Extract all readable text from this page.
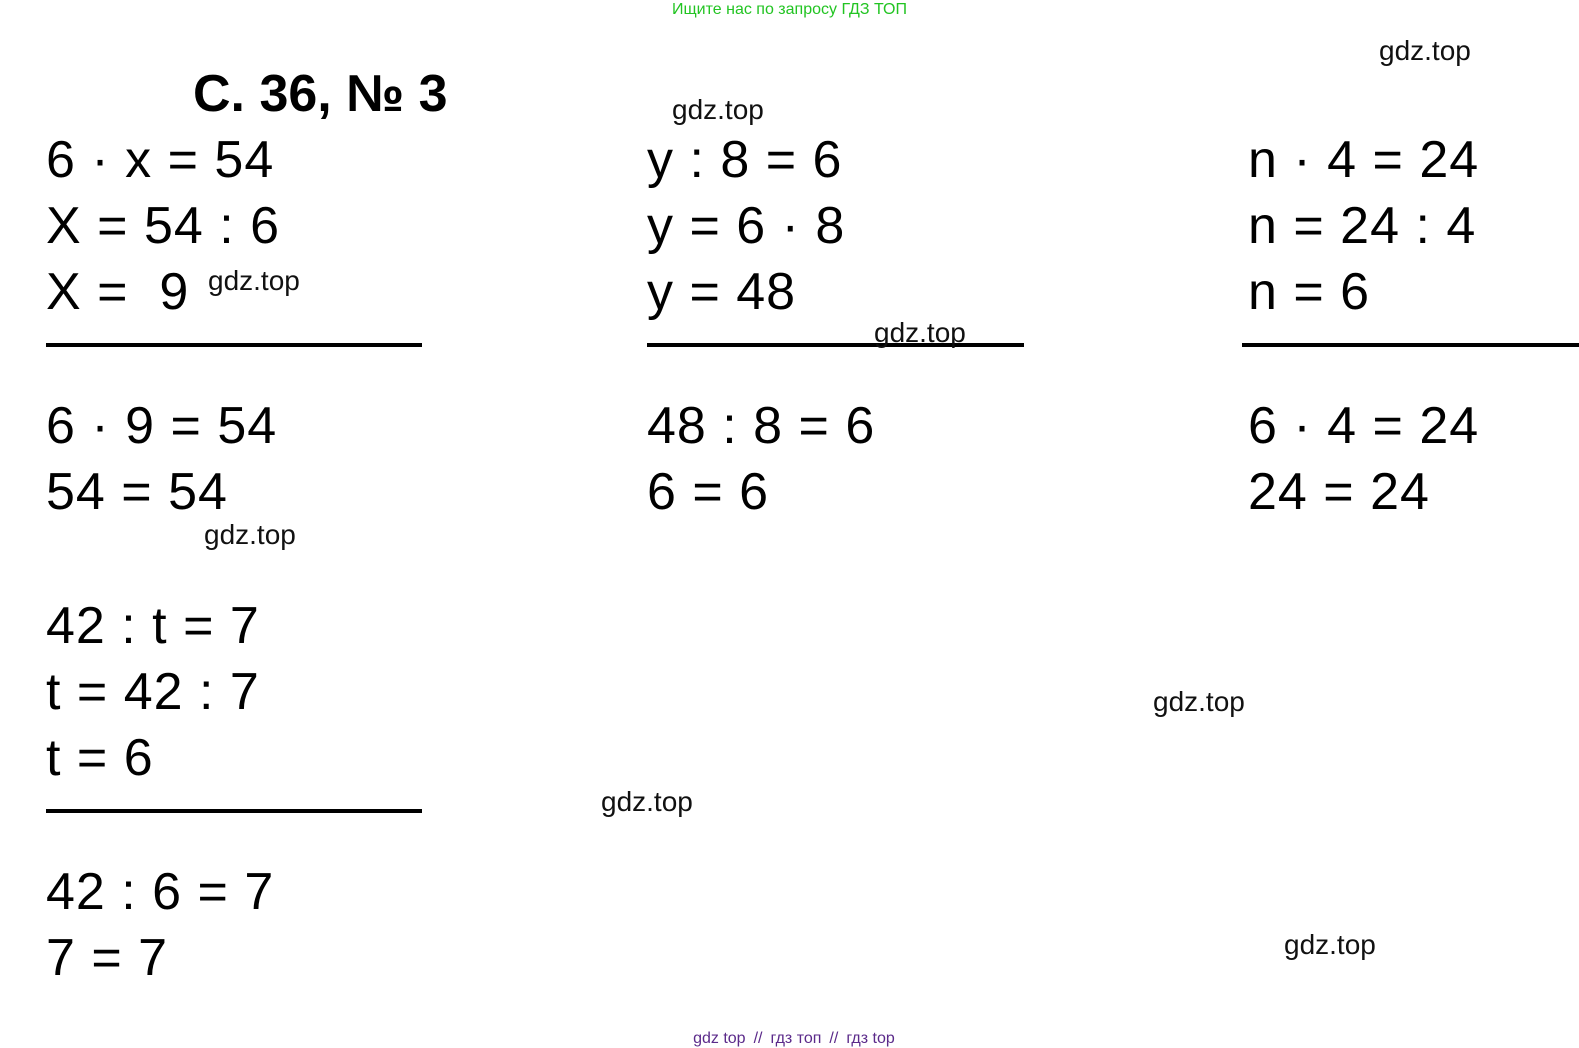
Ищите нас по запросу ГДЗ ТОП
С. 36, № 3
6 · x = 54
X = 54 : 6
X =  9
6 · 9 = 54
54 = 54
y : 8 = 6
y = 6 · 8
y = 48
48 : 8 = 6
6 = 6
n · 4 = 24
n = 24 : 4
n = 6
6 · 4 = 24
24 = 24
42 : t = 7
t = 42 : 7
t = 6
42 : 6 = 7
7 = 7
gdz.top
gdz.top
gdz.top
gdz.top
gdz.top
gdz.top
gdz.top
gdz.top

gdz top // гдз топ // гдз top
